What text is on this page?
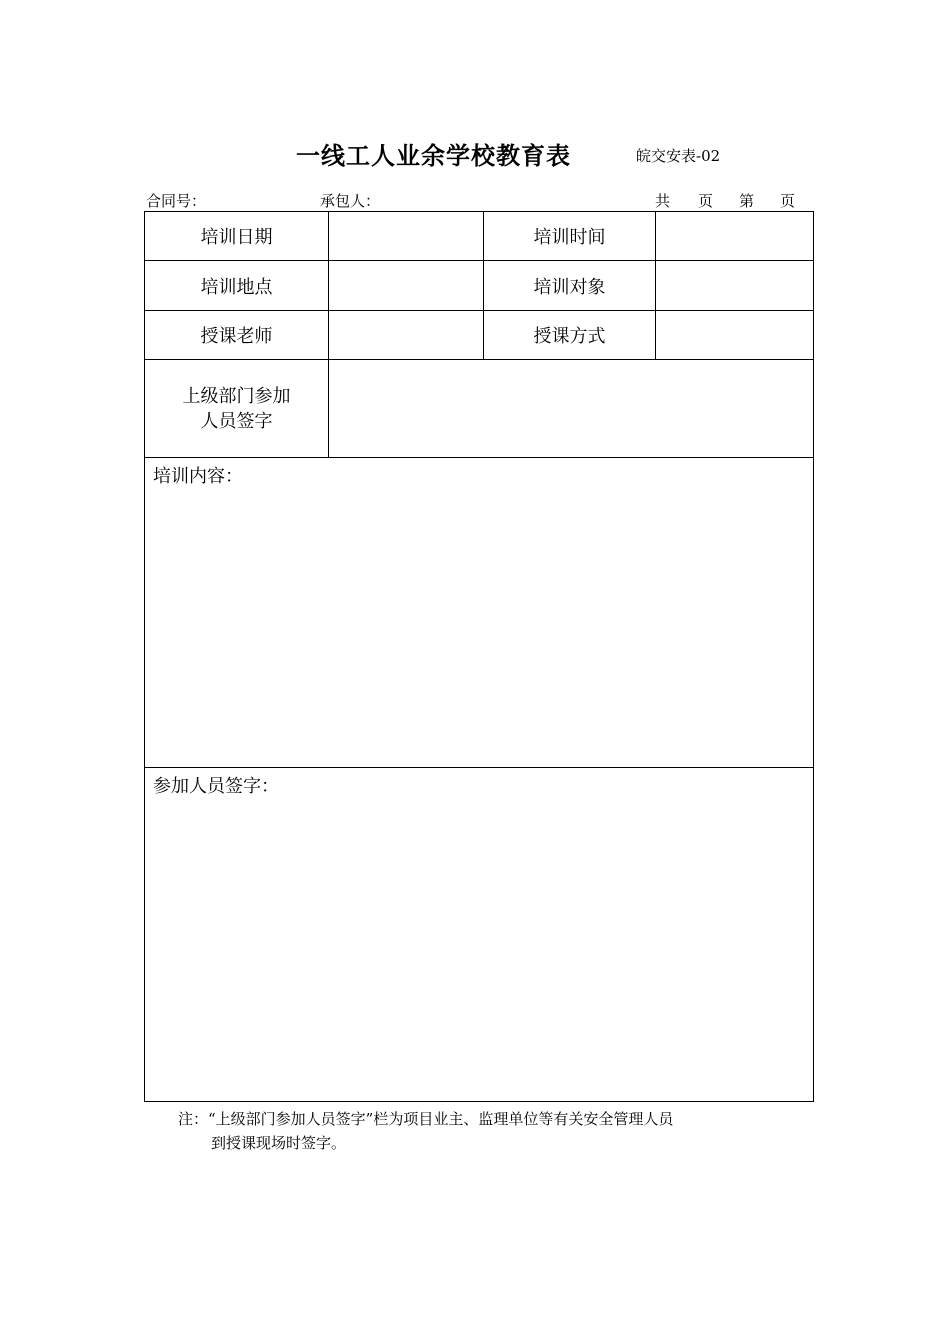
一线工人业余学校教育表	皖交安表-02
合同号：	承包人：	共 页 第 页
培训日期	培训时间
培训地点	培训对象
授课老师	授课方式
上级部门参加
人员签字
培训内容：
参加人员签字：
注：“上级部门参加人员签字”栏为项目业主、监理单位等有关安全管理人员
到授课现场时签字。
